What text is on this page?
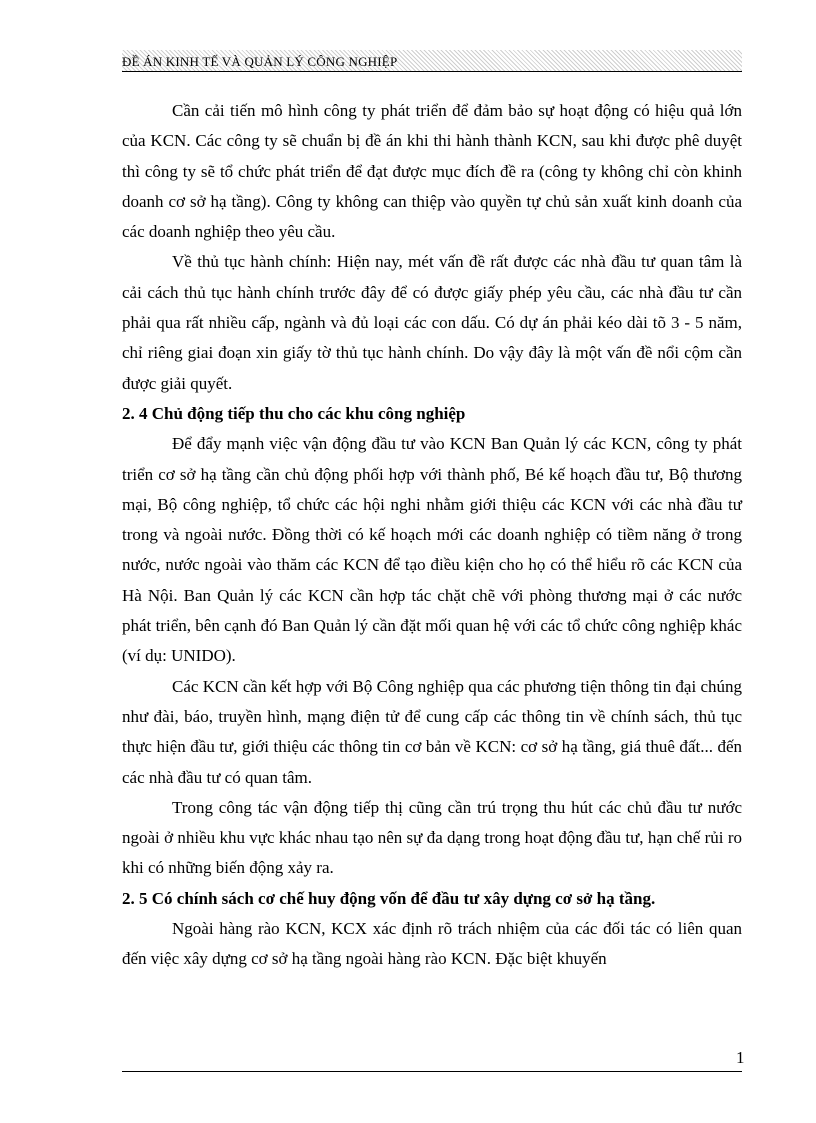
ĐỀ ÁN KINH TẾ VÀ QUẢN LÝ CÔNG NGHIỆP

Cần cải tiến mô hình công ty phát triển để đảm bảo sự hoạt động có hiệu quả lớn của KCN. Các công ty sẽ chuẩn bị đề án khi thi hành thành KCN, sau khi được phê duyệt thì công ty sẽ tổ chức phát triển để đạt được mục đích đề ra (công ty không chỉ còn khinh doanh cơ sở hạ tầng). Công ty không can thiệp vào quyền tự chủ sản xuất kinh doanh của các doanh nghiệp theo yêu cầu.

Về thủ tục hành chính: Hiện nay, mét vấn đề rất được các nhà đầu tư quan tâm là cải cách thủ tục hành chính trước đây để có được giấy phép yêu cầu, các nhà đầu tư cần phải qua rất nhiều cấp, ngành và đủ loại các con dấu. Có dự án phải kéo dài tõ 3 - 5 năm, chỉ riêng giai đoạn xin giấy tờ thủ tục hành chính. Do vậy đây là một vấn đề nổi cộm cần được giải quyết.

2. 4 Chủ động tiếp thu cho các khu công nghiệp

Để đẩy mạnh việc vận động đầu tư vào KCN Ban Quản lý các KCN, công ty phát triển cơ sở hạ tầng cần chủ động phối hợp với thành phố, Bé kế hoạch đầu tư, Bộ thương mại, Bộ công nghiệp, tổ chức các hội nghi nhằm giới thiệu các KCN với các nhà đầu tư trong và ngoài nước. Đồng thời có kế hoạch mới các doanh nghiệp có tiềm năng ở trong nước, nước ngoài vào thăm các KCN để tạo điều kiện cho họ có thể hiểu rõ các KCN của Hà Nội. Ban Quản lý các KCN cần hợp tác chặt chẽ với phòng thương mại ở các nước phát triển, bên cạnh đó Ban Quản lý cần đặt mối quan hệ với các tổ chức công nghiệp khác (ví dụ: UNIDO).

Các KCN cần kết hợp với Bộ Công nghiệp qua các phương tiện thông tin đại chúng như đài, báo, truyền hình, mạng điện tử để cung cấp các thông tin về chính sách, thủ tục thực hiện đầu tư, giới thiệu các thông tin cơ bản về KCN: cơ sở hạ tầng, giá thuê đất... đến các nhà đầu tư có quan tâm.

Trong công tác vận động tiếp thị cũng cần trú trọng thu hút các chủ đầu tư nước ngoài ở nhiều khu vực khác nhau tạo nên sự đa dạng trong hoạt động đầu tư, hạn chế rủi ro khi có những biến động xảy ra.

2. 5 Có chính sách cơ chế huy động vốn để đầu tư xây dựng cơ sở hạ tầng.

Ngoài hàng rào KCN, KCX xác định rõ trách nhiệm của các đối tác có liên quan đến việc xây dựng cơ sở hạ tầng ngoài hàng rào KCN. Đặc biệt khuyến

1
